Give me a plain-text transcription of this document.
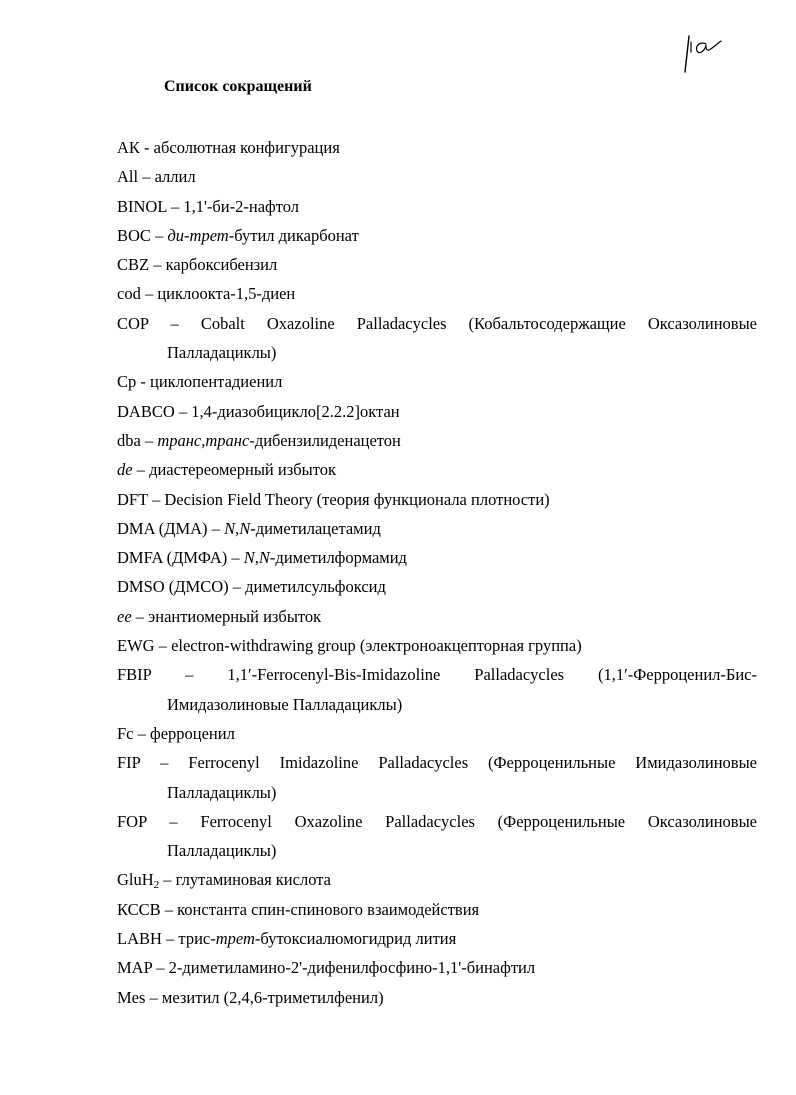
Список сокращений
АК - абсолютная конфигурация
All – аллил
BINOL – 1,1'-би-2-нафтол
BOC – ди-трет-бутил дикарбонат
CBZ – карбоксибензил
cod – циклоокта-1,5-диен
COP – Cobalt Oxazoline Palladacycles (Кобальтосодержащие Оксазолиновые Палладациклы)
Cp - циклопентадиенил
DABCO – 1,4-диазобицикло[2.2.2]октан
dba – транс,транс-дибензилиденацетон
de – диастереомерный избыток
DFT – Decision Field Theory (теория функционала плотности)
DMA (ДМА) – N,N-диметилацетамид
DMFA (ДМФА) – N,N-диметилформамид
DMSO (ДМСО) – диметилсульфоксид
ee – энантиомерный избыток
EWG – electron-withdrawing group (электроноакцепторная группа)
FBIP – 1,1′-Ferrocenyl-Bis-Imidazoline Palladacycles (1,1′-Ферроценил-Бис-Имидазолиновые Палладациклы)
Fc – ферроценил
FIP – Ferrocenyl Imidazoline Palladacycles (Ферроценильные Имидазолиновые Палладациклы)
FOP – Ferrocenyl Oxazoline Palladacycles (Ферроценильные Оксазолиновые Палладациклы)
GluH$_2$ – глутаминовая кислота
КССВ – константа спин-спинового взаимодействия
LABH – трис-трет-бутоксиалюмогидрид лития
MAP – 2-диметиламино-2'-дифенилфосфино-1,1'-бинафтил
Mes – мезитил (2,4,6-триметилфенил)
